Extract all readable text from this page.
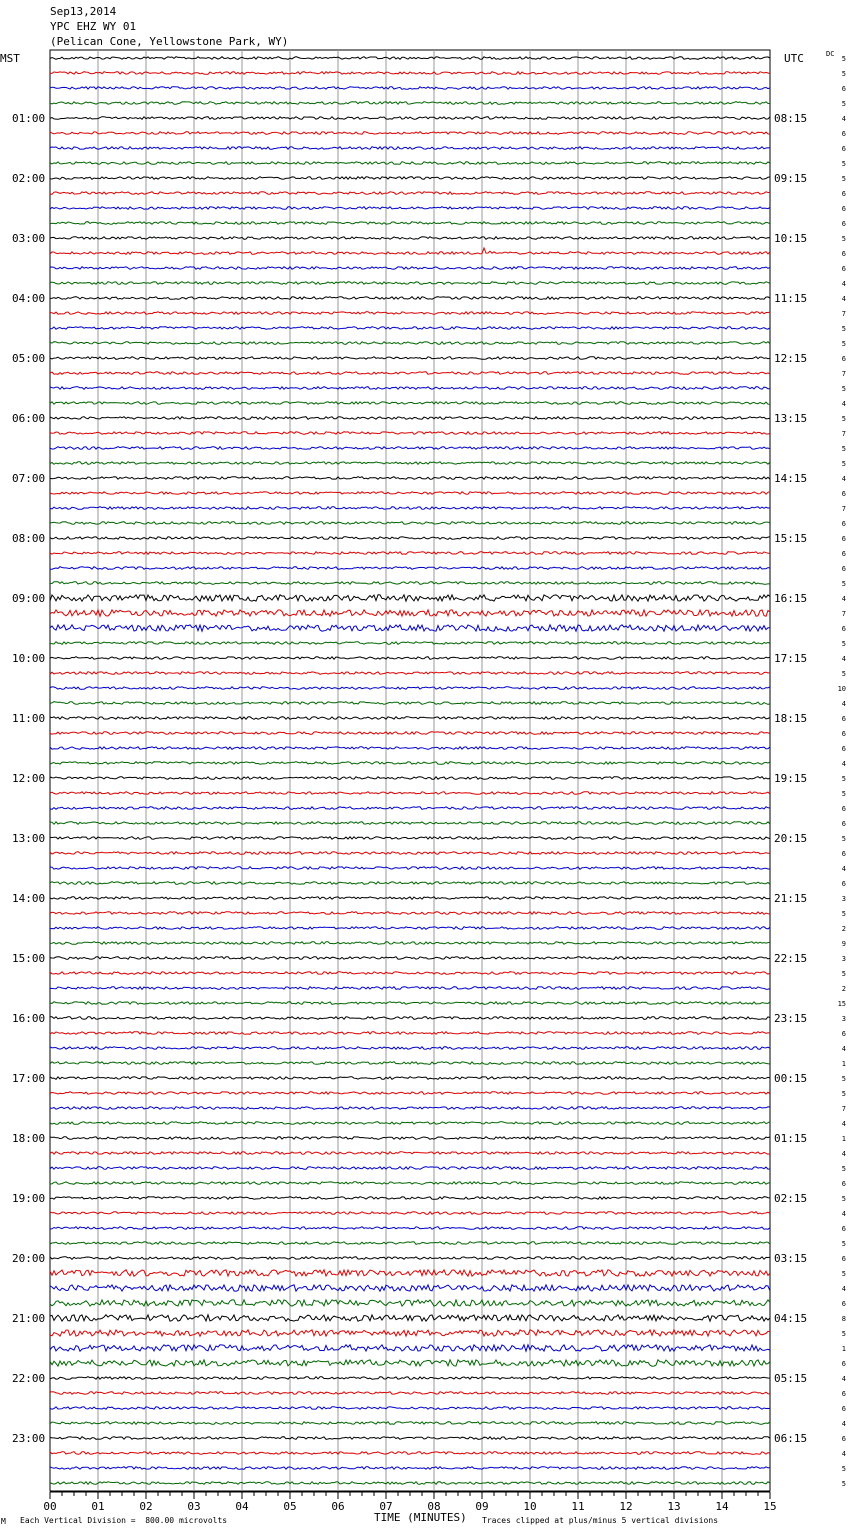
Sep13,2014
YPC EHZ WY 01
(Pelican Cone, Yellowstone Park, WY)
MST	UTC
01:00	08:15
02:00	09:15
03:00	10:15
04:00	11:15
05:00	12:15
06:00	13:15
07:00	14:15
08:00	15:15
09:00	16:15
10:00	17:15
11:00	18:15
12:00	19:15
13:00	20:15
14:00	21:15
15:00	22:15
16:00	23:15
17:00	00:15
18:00	01:15
19:00	02:15
20:00	03:15
21:00	04:15
22:00	05:15
23:00	06:15
DC
5
5
6
5
4
6
6
5
5
6
6
6
5
6
6
4
4
7
5
5
6
7
5
4
5
7
5
5
4
6
7
6
6
6
6
5
4
7
6
5
4
5
10
4
6
6
6
4
5
5
6
6
5
6
4
6
3
5
2
9
3
5
2
15
3
6
4
1
5
5
7
4
1
4
5
6
5
4
6
5
6
5
4
6
8
5
1
6
4
6
6
4
6
4
5
5
00	01	02	03	04	05	06	07	08	09	10	11	12	13	14	15
M Each Vertical Division =  800.00 microvolts	Traces clipped at plus/minus 5 vertical divisions
TIME (MINUTES)
